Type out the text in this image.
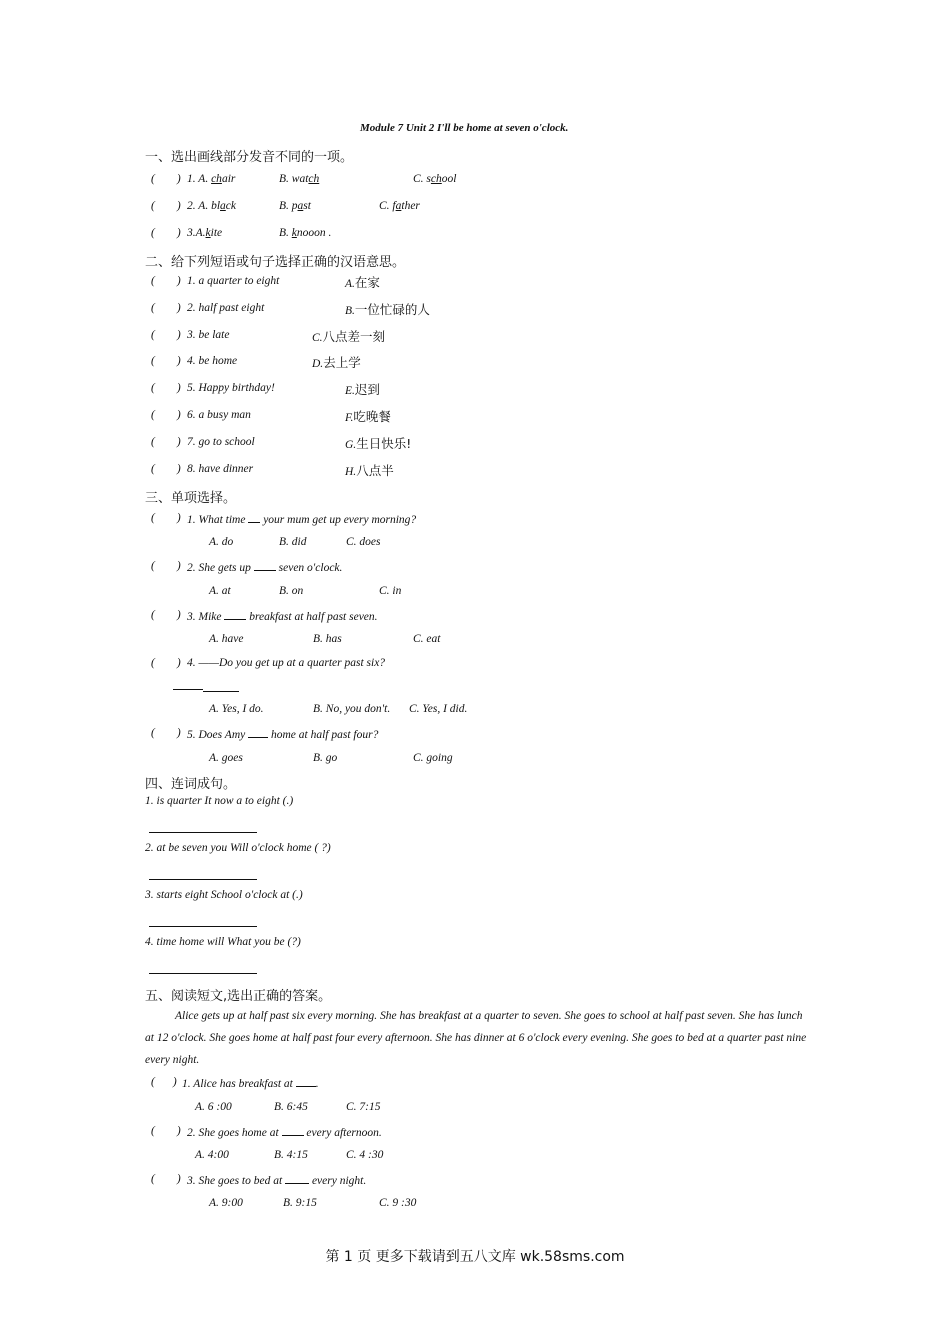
Module 7 Unit 2 I'll be home at seven o'clock.
一、选出画线部分发音不同的一项。
( ) 1. A. chair	B. watch	C. school
( ) 2. A. black	B. past	C. father
( ) 3.A.kite	B. knooon .
二、给下列短语或句子选择正确的汉语意思。
( ) 1. a quarter to eight	A.在家
( ) 2. half past eight	B.一位忙碌的人
( ) 3. be late	C.八点差一刻
( ) 4. be home	D.去上学
( ) 5. Happy birthday!	E.迟到
( ) 6. a busy man	F.吃晚餐
( ) 7. go to school	G.生日快乐!
( ) 8. have dinner	H.八点半
三、单项选择。
( ) 1. What time your mum get up every morning?
A. do	B. did	C. does
( ) 2. She gets up seven o'clock.
A. at	B. on	C. in
( ) 3. Mike breakfast at half past seven.
A. have	B. has	C. eat
( ) 4. ——Do you get up at a quarter past six?
A. Yes, I do.	B. No, you don't. C. Yes, I did.
( ) 5. Does Amy home at half past four?
A. goes	B. go	C. going
四、连词成句。
1. is quarter It now a to eight (.)
2. at be seven you Will o'clock home ( ?)
3. starts eight School o'clock at (.)
4. time home will What you be (?)
五、阅读短文,选出正确的答案。
Alice gets up at half past six every morning. She has breakfast at a quarter to seven. She goes to school at half past seven. She has lunch at 12 o'clock. She goes home at half past four every afternoon. She has dinner at 6 o'clock every evening. She goes to bed at a quarter past nine every night.
( ) 1. Alice has breakfast at .
A. 6 :00	B. 6:45	C. 7:15
( ) 2. She goes home at every afternoon.
A. 4:00	B. 4:15	C. 4 :30
( ) 3. She goes to bed at	every night.
A. 9:00	B. 9:15	C. 9 :30
第 1 页 更多下载请到五八文库 wk.58sms.com
